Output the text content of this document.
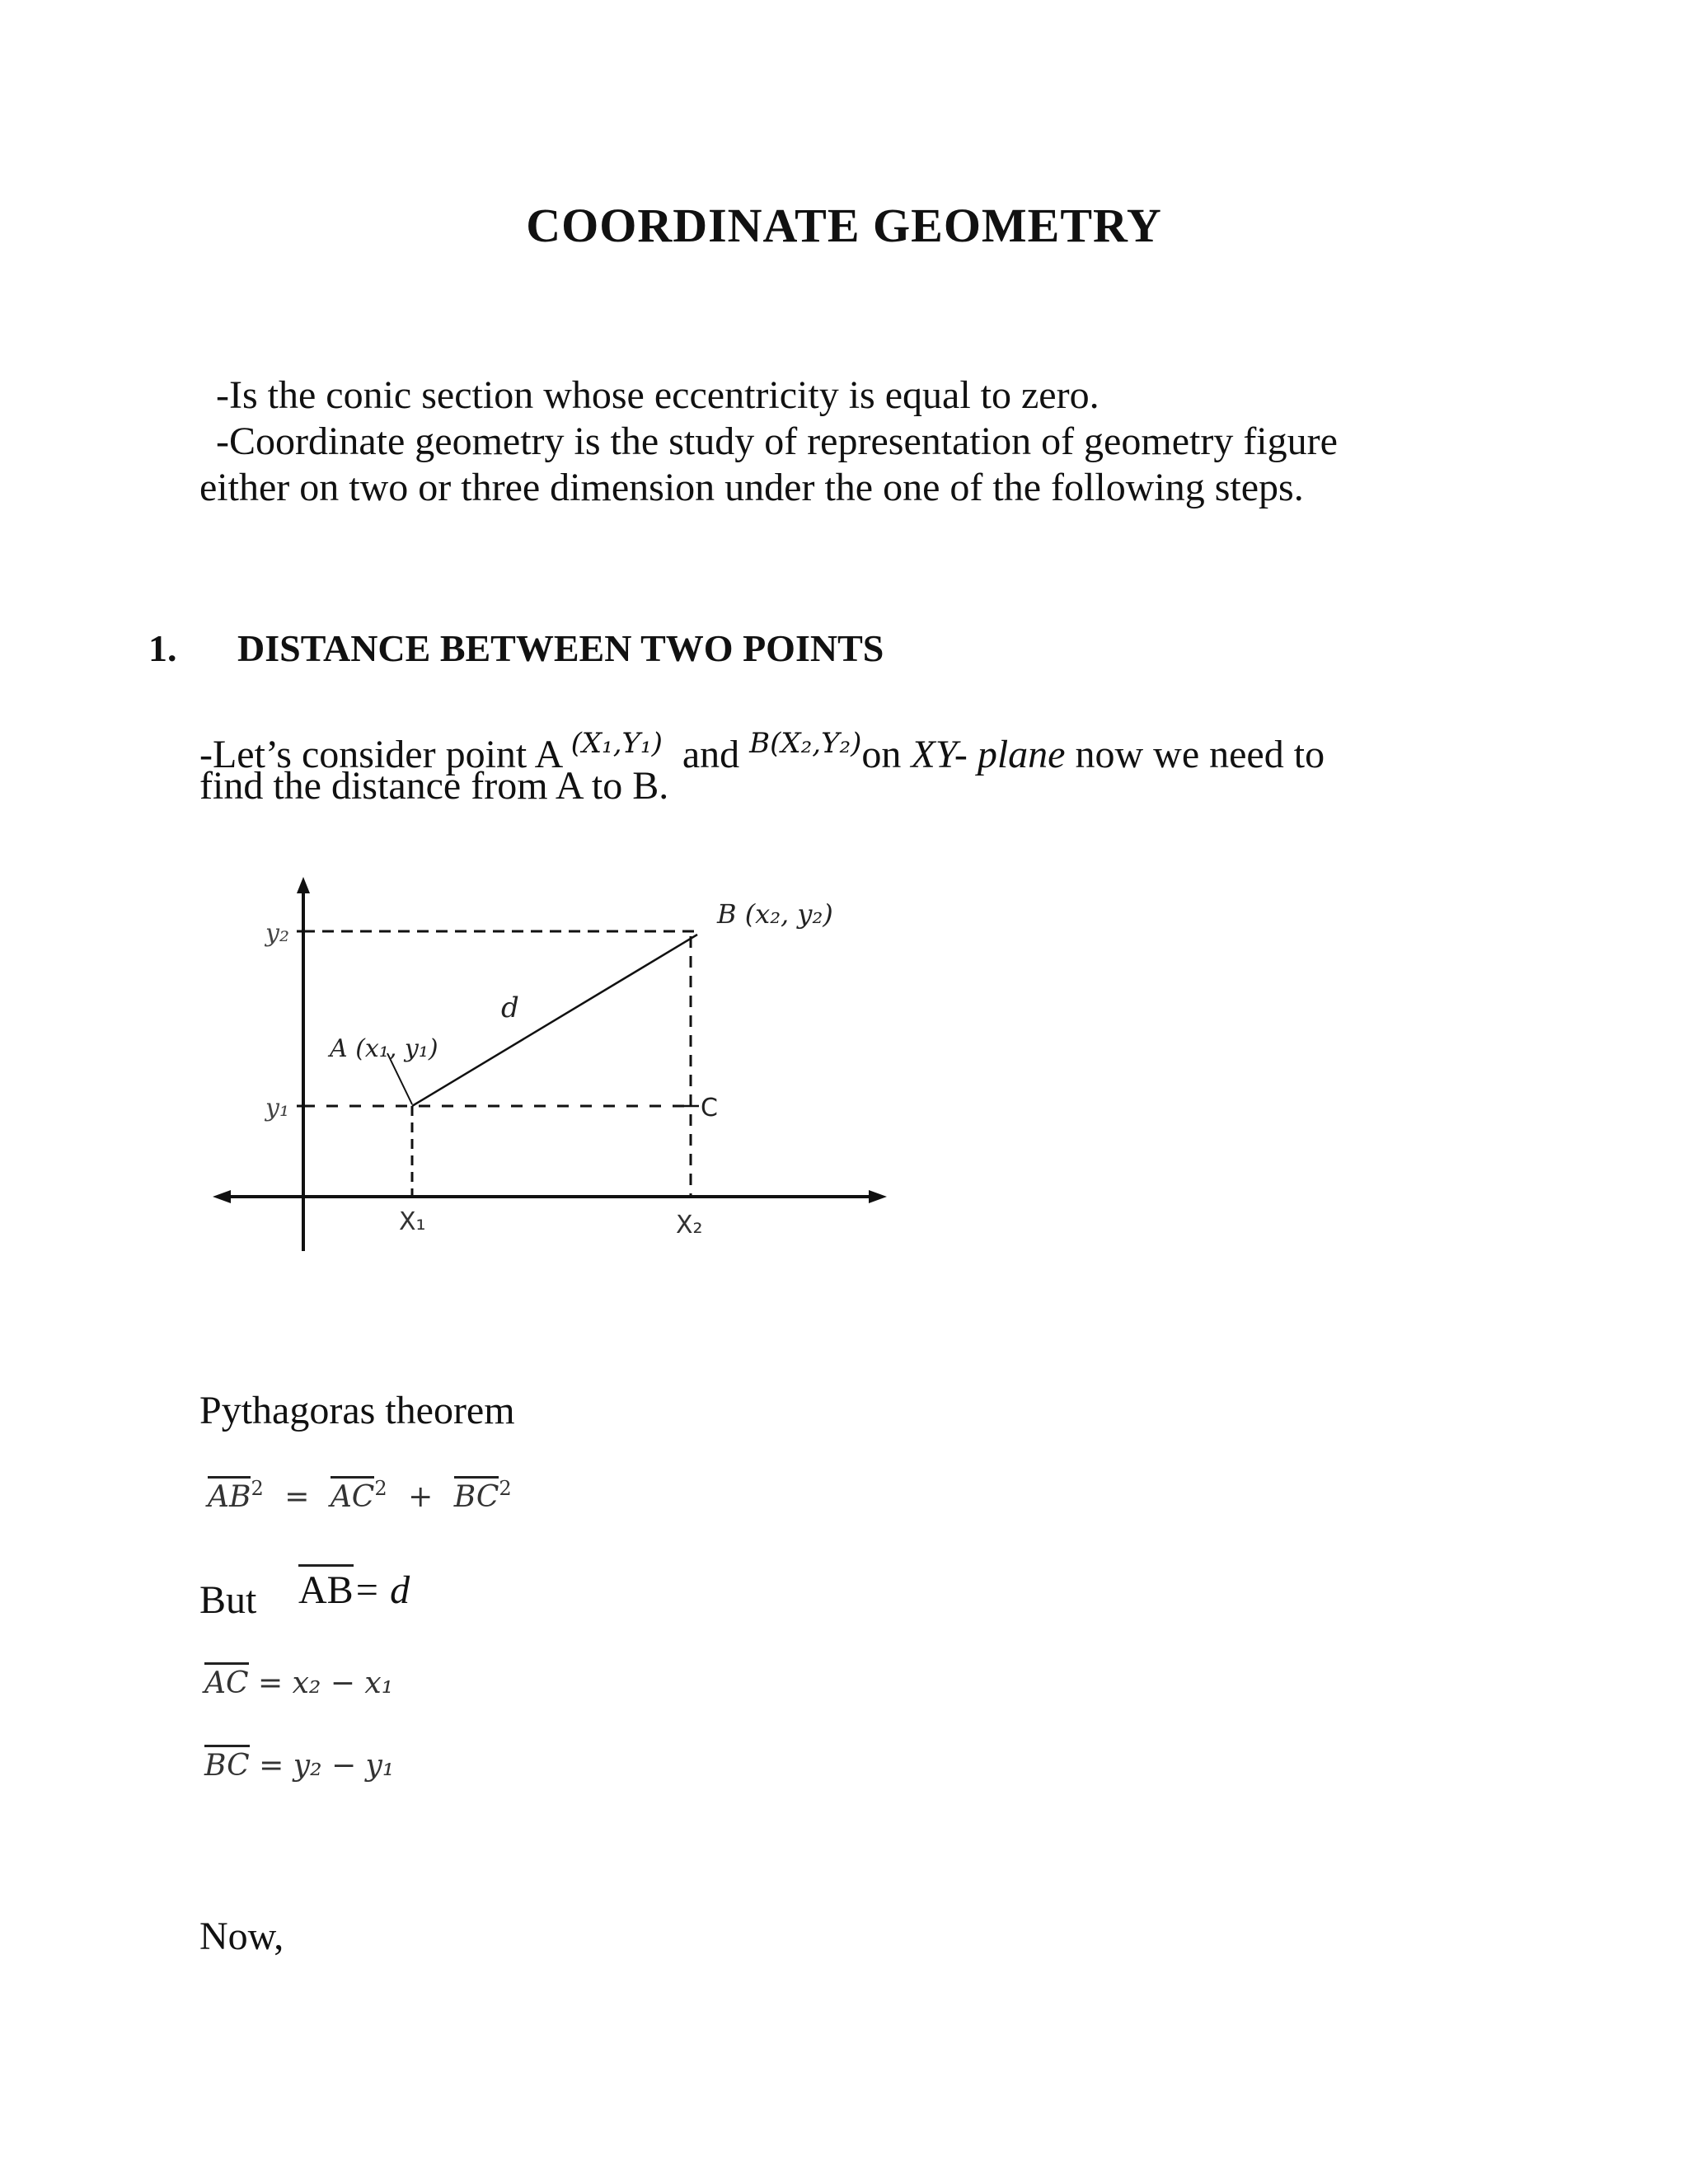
COORDINATE GEOMETRY
-Is the conic section whose eccentricity is equal to zero.
-Coordinate geometry is the study of representation of geometry figure
either on two or three dimension under the one of the following steps.
1. DISTANCE BETWEEN TWO POINTS
-Let’s consider point A $^{(X_1,Y_1)}$ and $^{B(X_2,Y_2)}$on XY- plane now we need to
find the distance from A to B.
B (x₂, y₂)
A (x₁, y₁)
d
C
y₂
y₁
X₁	X₂
Pythagoras theorem
$AB^2 = AC^2 + BC^2$
But AB= d
AC = x₂ − x₁
BC = y₂ − y₁
Now,
